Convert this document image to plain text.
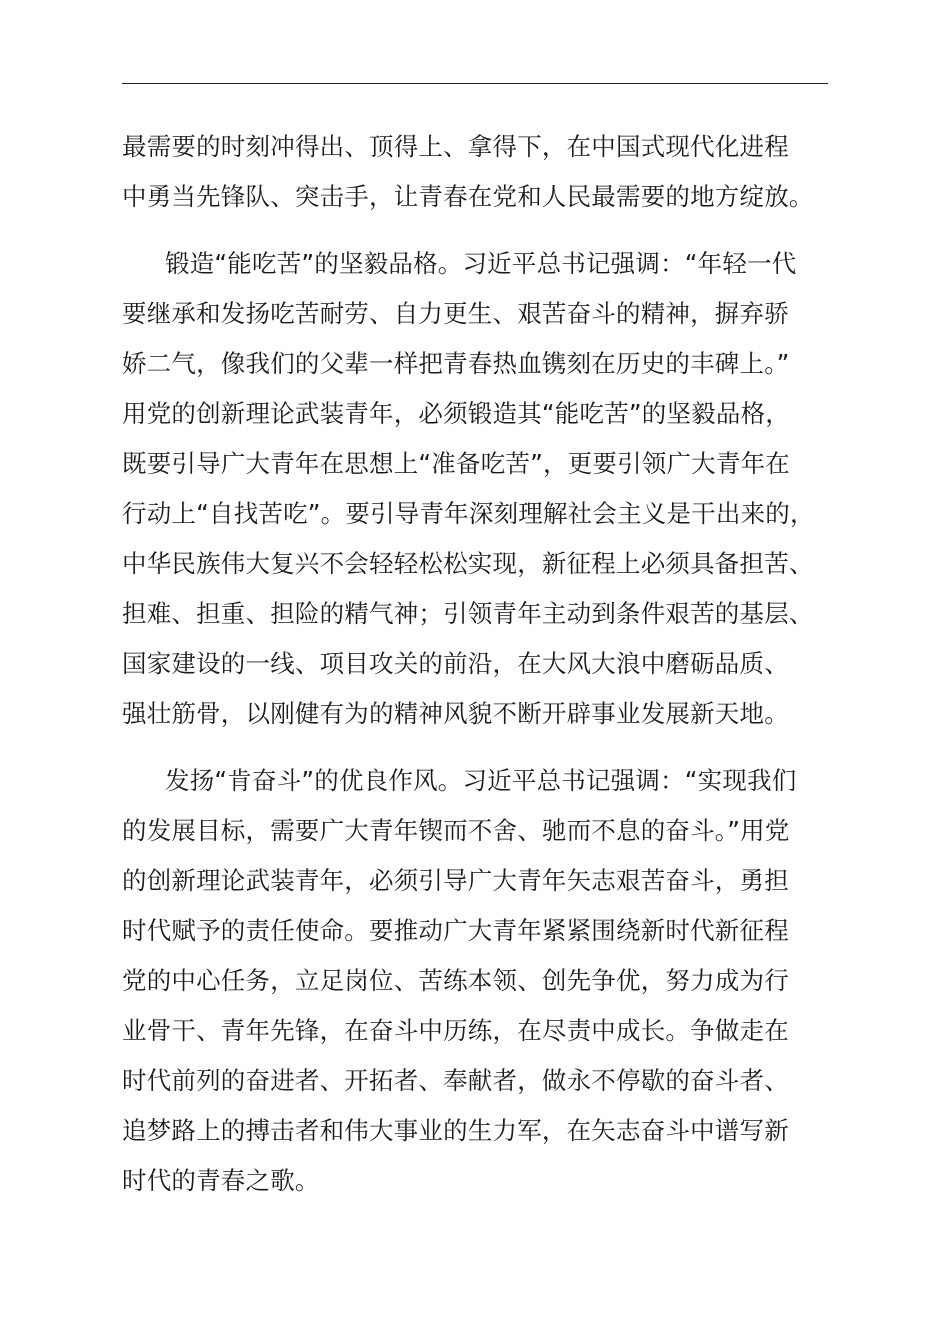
最需要的时刻冲得出、顶得上、拿得下，在中国式现代化进程
中勇当先锋队、突击手，让青春在党和人民最需要的地方绽放。
锻造“能吃苦”的坚毅品格。习近平总书记强调：“年轻一代
要继承和发扬吃苦耐劳、自力更生、艰苦奋斗的精神，摒弃骄
娇二气，像我们的父辈一样把青春热血镌刻在历史的丰碑上。”
用党的创新理论武装青年，必须锻造其“能吃苦”的坚毅品格，
既要引导广大青年在思想上“准备吃苦”，更要引领广大青年在
行动上“自找苦吃”。要引导青年深刻理解社会主义是干出来的，
中华民族伟大复兴不会轻轻松松实现，新征程上必须具备担苦、
担难、担重、担险的精气神；引领青年主动到条件艰苦的基层、
国家建设的一线、项目攻关的前沿，在大风大浪中磨砺品质、
强壮筋骨，以刚健有为的精神风貌不断开辟事业发展新天地。
发扬“肯奋斗”的优良作风。习近平总书记强调：“实现我们
的发展目标，需要广大青年锲而不舍、驰而不息的奋斗。”用党
的创新理论武装青年，必须引导广大青年矢志艰苦奋斗，勇担
时代赋予的责任使命。要推动广大青年紧紧围绕新时代新征程
党的中心任务，立足岗位、苦练本领、创先争优，努力成为行
业骨干、青年先锋，在奋斗中历练，在尽责中成长。争做走在
时代前列的奋进者、开拓者、奉献者，做永不停歇的奋斗者、
追梦路上的搏击者和伟大事业的生力军，在矢志奋斗中谱写新
时代的青春之歌。
